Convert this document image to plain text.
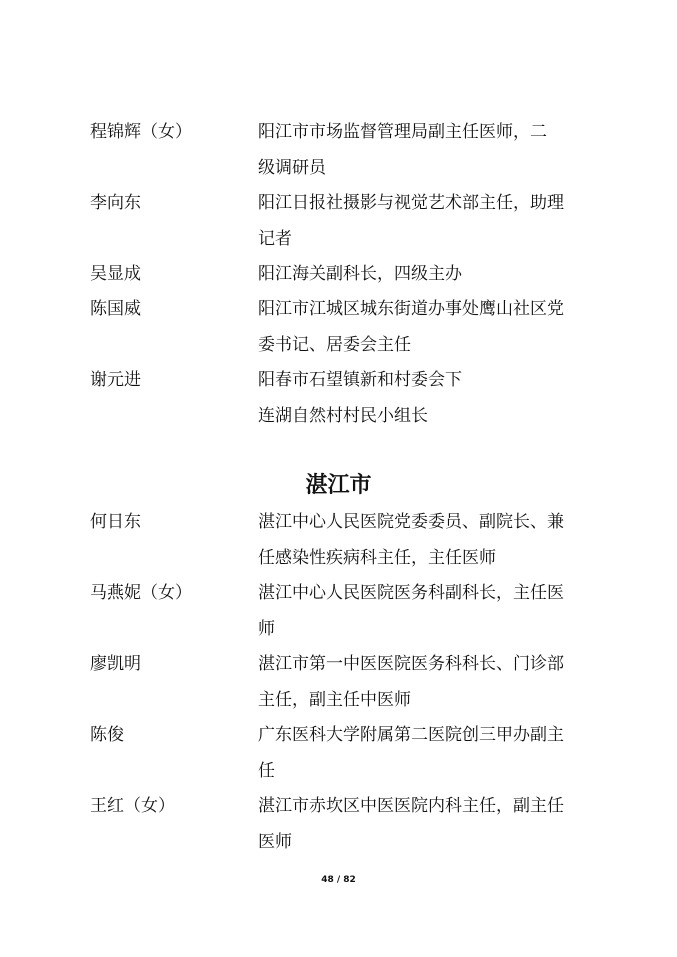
程锦辉（女）	阳江市市场监督管理局副主任医师，二
级调研员
李向东	阳江日报社摄影与视觉艺术部主任，助理
记者
吴显成	阳江海关副科长，四级主办
陈国威	阳江市江城区城东街道办事处鹰山社区党
委书记、居委会主任
谢元进	阳春市石望镇新和村委会下
连湖自然村村民小组长
湛江市
何日东	湛江中心人民医院党委委员、副院长、兼
任感染性疾病科主任，主任医师
马燕妮（女）	湛江中心人民医院医务科副科长，主任医
师
廖凯明	湛江市第一中医医院医务科科长、门诊部
主任，副主任中医师
陈俊	广东医科大学附属第二医院创三甲办副主
任
王红（女）	湛江市赤坎区中医医院内科主任，副主任
医师
48 / 82
